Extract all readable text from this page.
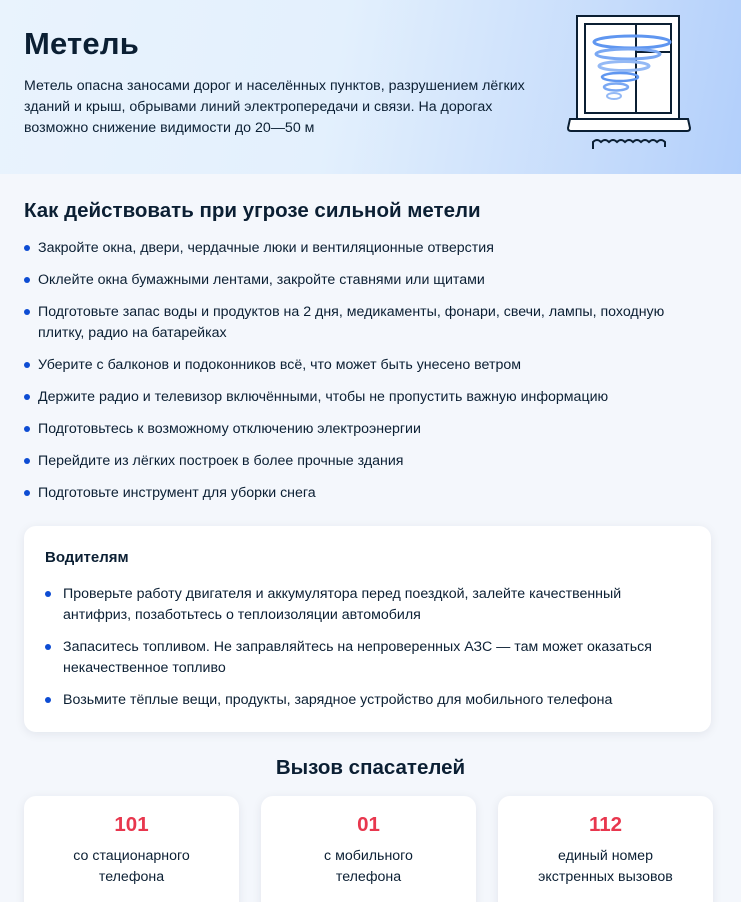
Метель

Метель опасна заносами дорог и населённых пунктов, разрушением лёгких зданий и крыш, обрывами линий электропередачи и связи. На дорогах возможно снижение видимости до 20—50 м

Как действовать при угрозе сильной метели
Закройте окна, двери, чердачные люки и вентиляционные отверстия
Оклейте окна бумажными лентами, закройте ставнями или щитами
Подготовьте запас воды и продуктов на 2 дня, медикаменты, фонари, свечи, лампы, походную плитку, радио на батарейках
Уберите с балконов и подоконников всё, что может быть унесено ветром
Держите радио и телевизор включёнными, чтобы не пропустить важную информацию
Подготовьтесь к возможному отключению электроэнергии
Перейдите из лёгких построек в более прочные здания
Подготовьте инструмент для уборки снега
Водителям
Проверьте работу двигателя и аккумулятора перед поездкой, залейте качественный антифриз, позаботьтесь о теплоизоляции автомобиля
Запаситесь топливом. Не заправляйтесь на непроверенных АЗС — там может оказаться некачественное топливо
Возьмите тёплые вещи, продукты, зарядное устройство для мобильного телефона
Вызов спасателей
101
со стационарного телефона
01
с мобильного телефона
112
единый номер экстренных вызовов
